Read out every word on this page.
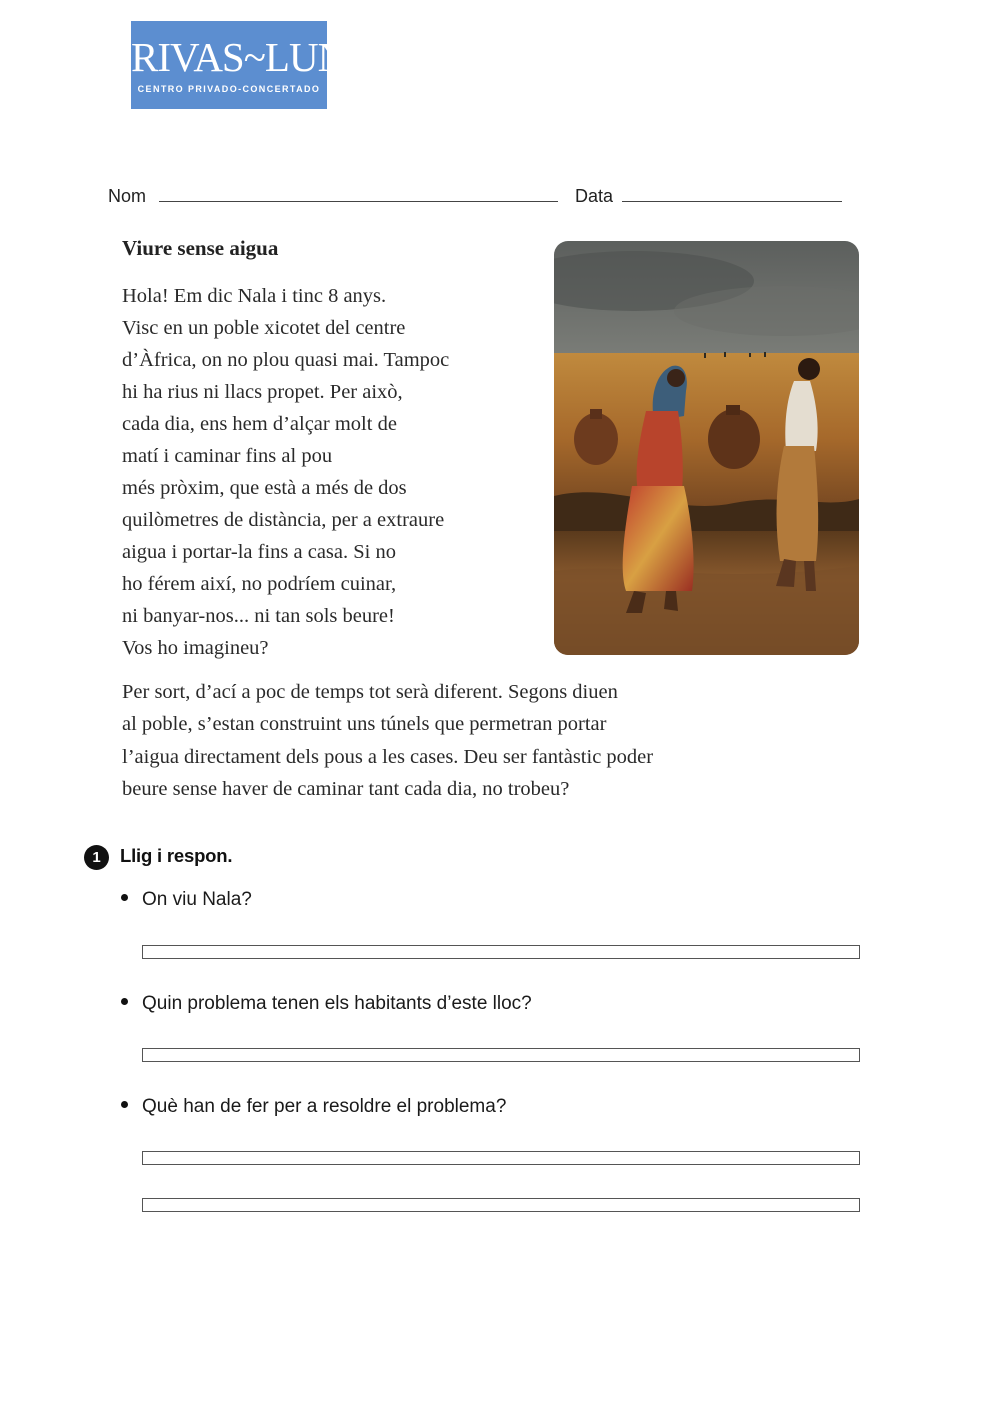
RIVAS~LUNA
CENTRO PRIVADO-CONCERTADO
Nom	Data
Viure sense aigua
Hola! Em dic Nala i tinc 8 anys.
Visc en un poble xicotet del centre
d’Àfrica, on no plou quasi mai. Tampoc
hi ha rius ni llacs propet. Per això,
cada dia, ens hem d’alçar molt de
matí i caminar fins al pou
més pròxim, que està a més de dos
quilòmetres de distància, per a extraure
aigua i portar-la fins a casa. Si no
ho férem així, no podríem cuinar,
ni banyar-nos... ni tan sols beure!
Vos ho imagineu?
Per sort, d’ací a poc de temps tot serà diferent. Segons diuen
al poble, s’estan construint uns túnels que permetran portar
l’aigua directament dels pous a les cases. Deu ser fantàstic poder
beure sense haver de caminar tant cada dia, no trobeu?
1	Llig i respon.
On viu Nala?
Quin problema tenen els habitants d’este lloc?
Què han de fer per a resoldre el problema?
